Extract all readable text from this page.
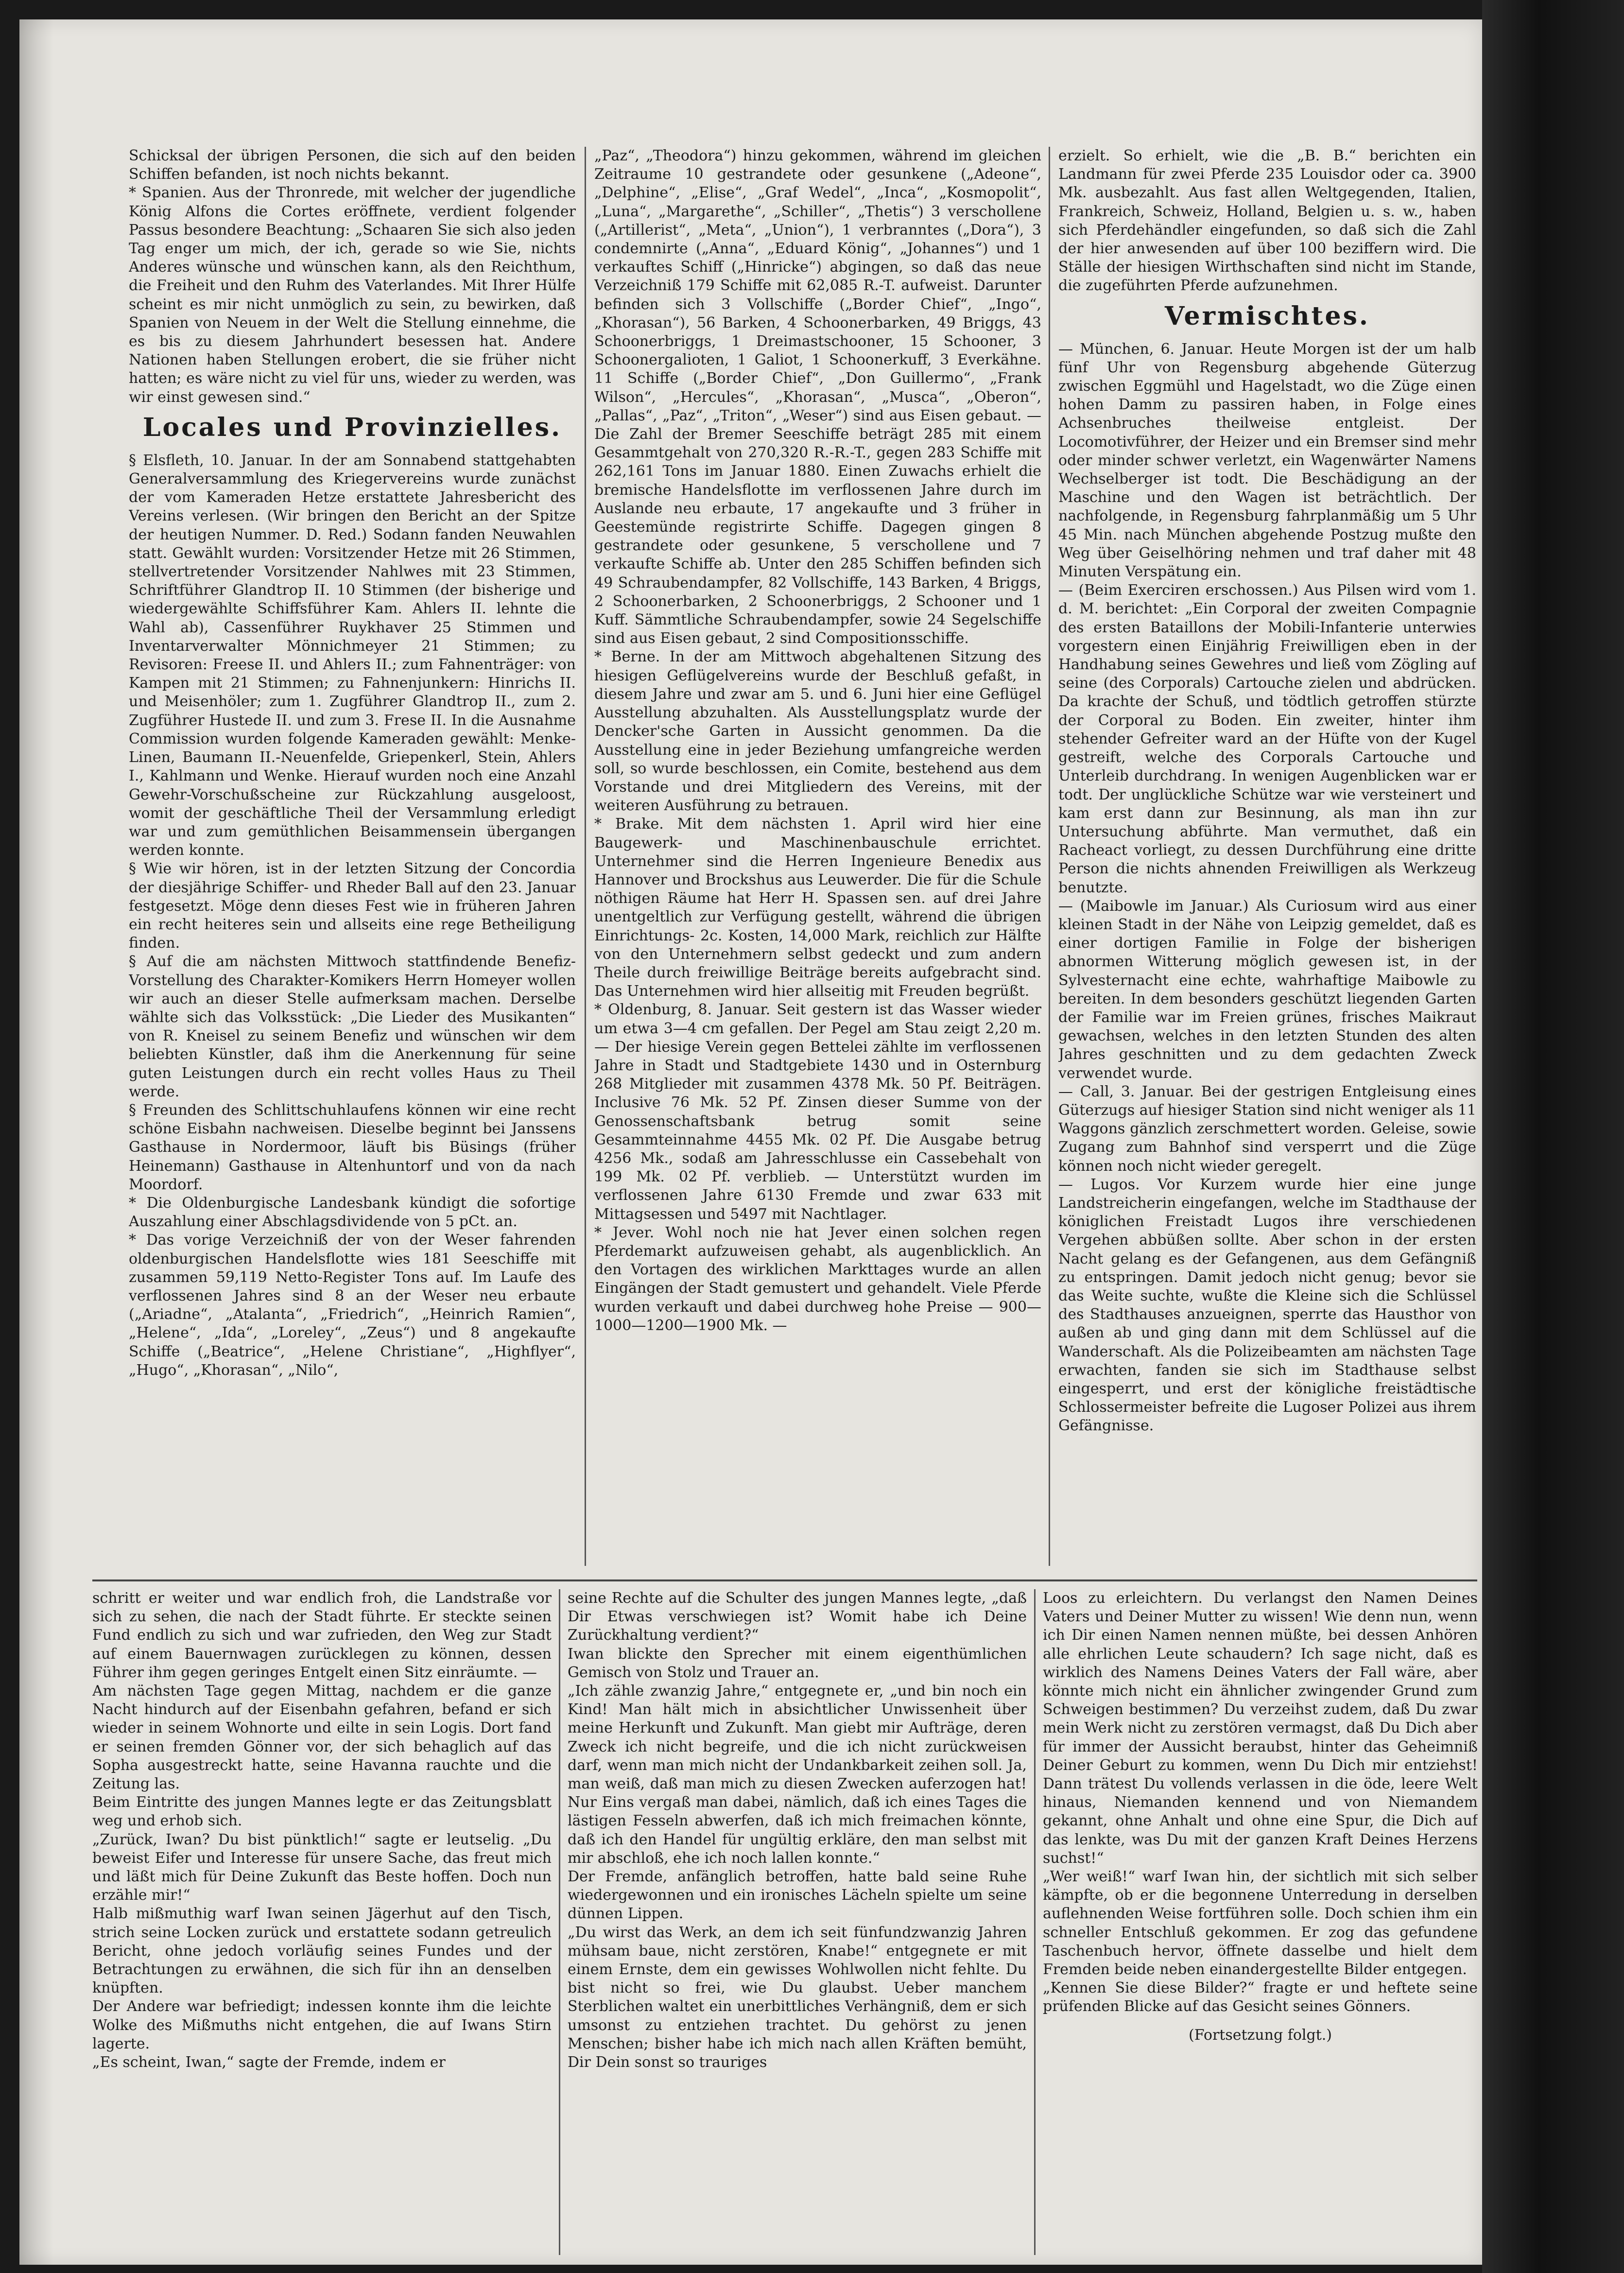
Schicksal der übrigen Personen, die sich auf den beiden Schiffen befanden, ist noch nichts bekannt.

* Spanien. Aus der Thronrede, mit welcher der jugendliche König Alfons die Cortes eröffnete, verdient folgender Passus besondere Beachtung: „Schaaren Sie sich also jeden Tag enger um mich, der ich, gerade so wie Sie, nichts Anderes wünsche und wünschen kann, als den Reichthum, die Freiheit und den Ruhm des Vaterlandes. Mit Ihrer Hülfe scheint es mir nicht unmöglich zu sein, zu bewirken, daß Spanien von Neuem in der Welt die Stellung einnehme, die es bis zu diesem Jahrhundert besessen hat. Andere Nationen haben Stellungen erobert, die sie früher nicht hatten; es wäre nicht zu viel für uns, wieder zu werden, was wir einst gewesen sind.“

Locales und Provinzielles.

§ Elsfleth, 10. Januar. In der am Sonnabend stattgehabten Generalversammlung des Kriegervereins wurde zunächst der vom Kameraden Hetze erstattete Jahresbericht des Vereins verlesen. (Wir bringen den Bericht an der Spitze der heutigen Nummer. D. Red.) Sodann fanden Neuwahlen statt. Gewählt wurden: Vorsitzender Hetze mit 26 Stimmen, stellvertretender Vorsitzender Nahlwes mit 23 Stimmen, Schriftführer Glandtrop II. 10 Stimmen (der bisherige und wiedergewählte Schiffsführer Kam. Ahlers II. lehnte die Wahl ab), Cassenführer Ruykhaver 25 Stimmen und Inventarverwalter Mönnichmeyer 21 Stimmen; zu Revisoren: Freese II. und Ahlers II.; zum Fahnenträger: von Kampen mit 21 Stimmen; zu Fahnenjunkern: Hinrichs II. und Meisenhöler; zum 1. Zugführer Glandtrop II., zum 2. Zugführer Hustede II. und zum 3. Frese II. In die Ausnahme Commission wurden folgende Kameraden gewählt: Menke-Linen, Baumann II.-Neuenfelde, Griepenkerl, Stein, Ahlers I., Kahlmann und Wenke. Hierauf wurden noch eine Anzahl Gewehr-Vorschußscheine zur Rückzahlung ausgeloost, womit der geschäftliche Theil der Versammlung erledigt war und zum gemüthlichen Beisammensein übergangen werden konnte.

§ Wie wir hören, ist in der letzten Sitzung der Concordia der diesjährige Schiffer- und Rheder Ball auf den 23. Januar festgesetzt. Möge denn dieses Fest wie in früheren Jahren ein recht heiteres sein und allseits eine rege Betheiligung finden.

§ Auf die am nächsten Mittwoch stattfindende Benefiz-Vorstellung des Charakter-Komikers Herrn Homeyer wollen wir auch an dieser Stelle aufmerksam machen. Derselbe wählte sich das Volksstück: „Die Lieder des Musikanten“ von R. Kneisel zu seinem Benefiz und wünschen wir dem beliebten Künstler, daß ihm die Anerkennung für seine guten Leistungen durch ein recht volles Haus zu Theil werde.

§ Freunden des Schlittschuhlaufens können wir eine recht schöne Eisbahn nachweisen. Dieselbe beginnt bei Janssens Gasthause in Nordermoor, läuft bis Büsings (früher Heinemann) Gasthause in Altenhuntorf und von da nach Moordorf.

* Die Oldenburgische Landesbank kündigt die sofortige Auszahlung einer Abschlagsdividende von 5 pCt. an.

* Das vorige Verzeichniß der von der Weser fahrenden oldenburgischen Handelsflotte wies 181 Seeschiffe mit zusammen 59,119 Netto-Register Tons auf. Im Laufe des verflossenen Jahres sind 8 an der Weser neu erbaute („Ariadne“, „Atalanta“, „Friedrich“, „Heinrich Ramien“, „Helene“, „Ida“, „Loreley“, „Zeus“) und 8 angekaufte Schiffe („Beatrice“, „Helene Christiane“, „Highflyer“, „Hugo“, „Khorasan“, „Nilo“,

„Paz“, „Theodora“) hinzu gekommen, während im gleichen Zeitraume 10 gestrandete oder gesunkene („Adeone“, „Delphine“, „Elise“, „Graf Wedel“, „Inca“, „Kosmopolit“, „Luna“, „Margarethe“, „Schiller“, „Thetis“) 3 verschollene („Artillerist“, „Meta“, „Union“), 1 verbranntes („Dora“), 3 condemnirte („Anna“, „Eduard König“, „Johannes“) und 1 verkauftes Schiff („Hinricke“) abgingen, so daß das neue Verzeichniß 179 Schiffe mit 62,085 R.-T. aufweist. Darunter befinden sich 3 Vollschiffe („Border Chief“, „Ingo“, „Khorasan“), 56 Barken, 4 Schoonerbarken, 49 Briggs, 43 Schoonerbriggs, 1 Dreimastschooner, 15 Schooner, 3 Schoonergalioten, 1 Galiot, 1 Schoonerkuff, 3 Everkähne. 11 Schiffe („Border Chief“, „Don Guillermo“, „Frank Wilson“, „Hercules“, „Khorasan“, „Musca“, „Oberon“, „Pallas“, „Paz“, „Triton“, „Weser“) sind aus Eisen gebaut. — Die Zahl der Bremer Seeschiffe beträgt 285 mit einem Gesammtgehalt von 270,320 R.-R.-T., gegen 283 Schiffe mit 262,161 Tons im Januar 1880. Einen Zuwachs erhielt die bremische Handelsflotte im verflossenen Jahre durch im Auslande neu erbaute, 17 angekaufte und 3 früher in Geestemünde registrirte Schiffe. Dagegen gingen 8 gestrandete oder gesunkene, 5 verschollene und 7 verkaufte Schiffe ab. Unter den 285 Schiffen befinden sich 49 Schraubendampfer, 82 Vollschiffe, 143 Barken, 4 Briggs, 2 Schoonerbarken, 2 Schoonerbriggs, 2 Schooner und 1 Kuff. Sämmtliche Schraubendampfer, sowie 24 Segelschiffe sind aus Eisen gebaut, 2 sind Compositionsschiffe.

* Berne. In der am Mittwoch abgehaltenen Sitzung des hiesigen Geflügelvereins wurde der Beschluß gefaßt, in diesem Jahre und zwar am 5. und 6. Juni hier eine Geflügel Ausstellung abzuhalten. Als Ausstellungsplatz wurde der Dencker'sche Garten in Aussicht genommen. Da die Ausstellung eine in jeder Beziehung umfangreiche werden soll, so wurde beschlossen, ein Comite, bestehend aus dem Vorstande und drei Mitgliedern des Vereins, mit der weiteren Ausführung zu betrauen.

* Brake. Mit dem nächsten 1. April wird hier eine Baugewerk- und Maschinenbauschule errichtet. Unternehmer sind die Herren Ingenieure Benedix aus Hannover und Brockshus aus Leuwerder. Die für die Schule nöthigen Räume hat Herr H. Spassen sen. auf drei Jahre unentgeltlich zur Verfügung gestellt, während die übrigen Einrichtungs- 2c. Kosten, 14,000 Mark, reichlich zur Hälfte von den Unternehmern selbst gedeckt und zum andern Theile durch freiwillige Beiträge bereits aufgebracht sind. Das Unternehmen wird hier allseitig mit Freuden begrüßt.

* Oldenburg, 8. Januar. Seit gestern ist das Wasser wieder um etwa 3—4 cm gefallen. Der Pegel am Stau zeigt 2,20 m. — Der hiesige Verein gegen Bettelei zählte im verflossenen Jahre in Stadt und Stadtgebiete 1430 und in Osternburg 268 Mitglieder mit zusammen 4378 Mk. 50 Pf. Beiträgen. Inclusive 76 Mk. 52 Pf. Zinsen dieser Summe von der Genossenschaftsbank betrug somit seine Gesammteinnahme 4455 Mk. 02 Pf. Die Ausgabe betrug 4256 Mk., sodaß am Jahresschlusse ein Cassebehalt von 199 Mk. 02 Pf. verblieb. — Unterstützt wurden im verflossenen Jahre 6130 Fremde und zwar 633 mit Mittagsessen und 5497 mit Nachtlager.

* Jever. Wohl noch nie hat Jever einen solchen regen Pferdemarkt aufzuweisen gehabt, als augenblicklich. An den Vortagen des wirklichen Markttages wurde an allen Eingängen der Stadt gemustert und gehandelt. Viele Pferde wurden verkauft und dabei durchweg hohe Preise — 900—1000—1200—1900 Mk. —

erzielt. So erhielt, wie die „B. B.“ berichten ein Landmann für zwei Pferde 235 Louisdor oder ca. 3900 Mk. ausbezahlt. Aus fast allen Weltgegenden, Italien, Frankreich, Schweiz, Holland, Belgien u. s. w., haben sich Pferdehändler eingefunden, so daß sich die Zahl der hier anwesenden auf über 100 beziffern wird. Die Ställe der hiesigen Wirthschaften sind nicht im Stande, die zugeführten Pferde aufzunehmen.

Vermischtes.

— München, 6. Januar. Heute Morgen ist der um halb fünf Uhr von Regensburg abgehende Güterzug zwischen Eggmühl und Hagelstadt, wo die Züge einen hohen Damm zu passiren haben, in Folge eines Achsenbruches theilweise entgleist. Der Locomotivführer, der Heizer und ein Bremser sind mehr oder minder schwer verletzt, ein Wagenwärter Namens Wechselberger ist todt. Die Beschädigung an der Maschine und den Wagen ist beträchtlich. Der nachfolgende, in Regensburg fahrplanmäßig um 5 Uhr 45 Min. nach München abgehende Postzug mußte den Weg über Geiselhöring nehmen und traf daher mit 48 Minuten Verspätung ein.

— (Beim Exerciren erschossen.) Aus Pilsen wird vom 1. d. M. berichtet: „Ein Corporal der zweiten Compagnie des ersten Bataillons der Mobili-Infanterie unterwies vorgestern einen Einjährig Freiwilligen eben in der Handhabung seines Gewehres und ließ vom Zögling auf seine (des Corporals) Cartouche zielen und abdrücken. Da krachte der Schuß, und tödtlich getroffen stürzte der Corporal zu Boden. Ein zweiter, hinter ihm stehender Gefreiter ward an der Hüfte von der Kugel gestreift, welche des Corporals Cartouche und Unterleib durchdrang. In wenigen Augenblicken war er todt. Der unglückliche Schütze war wie versteinert und kam erst dann zur Besinnung, als man ihn zur Untersuchung abführte. Man vermuthet, daß ein Racheact vorliegt, zu dessen Durchführung eine dritte Person die nichts ahnenden Freiwilligen als Werkzeug benutzte.

— (Maibowle im Januar.) Als Curiosum wird aus einer kleinen Stadt in der Nähe von Leipzig gemeldet, daß es einer dortigen Familie in Folge der bisherigen abnormen Witterung möglich gewesen ist, in der Sylvesternacht eine echte, wahrhaftige Maibowle zu bereiten. In dem besonders geschützt liegenden Garten der Familie war im Freien grünes, frisches Maikraut gewachsen, welches in den letzten Stunden des alten Jahres geschnitten und zu dem gedachten Zweck verwendet wurde.

— Call, 3. Januar. Bei der gestrigen Entgleisung eines Güterzugs auf hiesiger Station sind nicht weniger als 11 Waggons gänzlich zerschmettert worden. Geleise, sowie Zugang zum Bahnhof sind versperrt und die Züge können noch nicht wieder geregelt.

— Lugos. Vor Kurzem wurde hier eine junge Landstreicherin eingefangen, welche im Stadthause der königlichen Freistadt Lugos ihre verschiedenen Vergehen abbüßen sollte. Aber schon in der ersten Nacht gelang es der Gefangenen, aus dem Gefängniß zu entspringen. Damit jedoch nicht genug; bevor sie das Weite suchte, wußte die Kleine sich die Schlüssel des Stadthauses anzueignen, sperrte das Hausthor von außen ab und ging dann mit dem Schlüssel auf die Wanderschaft. Als die Polizeibeamten am nächsten Tage erwachten, fanden sie sich im Stadthause selbst eingesperrt, und erst der königliche freistädtische Schlossermeister befreite die Lugoser Polizei aus ihrem Gefängnisse.

schritt er weiter und war endlich froh, die Landstraße vor sich zu sehen, die nach der Stadt führte. Er steckte seinen Fund endlich zu sich und war zufrieden, den Weg zur Stadt auf einem Bauernwagen zurücklegen zu können, dessen Führer ihm gegen geringes Entgelt einen Sitz einräumte. —

Am nächsten Tage gegen Mittag, nachdem er die ganze Nacht hindurch auf der Eisenbahn gefahren, befand er sich wieder in seinem Wohnorte und eilte in sein Logis. Dort fand er seinen fremden Gönner vor, der sich behaglich auf das Sopha ausgestreckt hatte, seine Havanna rauchte und die Zeitung las.

Beim Eintritte des jungen Mannes legte er das Zeitungsblatt weg und erhob sich.

„Zurück, Iwan? Du bist pünktlich!“ sagte er leutselig. „Du beweist Eifer und Interesse für unsere Sache, das freut mich und läßt mich für Deine Zukunft das Beste hoffen. Doch nun erzähle mir!“

Halb mißmuthig warf Iwan seinen Jägerhut auf den Tisch, strich seine Locken zurück und erstattete sodann getreulich Bericht, ohne jedoch vorläufig seines Fundes und der Betrachtungen zu erwähnen, die sich für ihn an denselben knüpften.

Der Andere war befriedigt; indessen konnte ihm die leichte Wolke des Mißmuths nicht entgehen, die auf Iwans Stirn lagerte.

„Es scheint, Iwan,“ sagte der Fremde, indem er

seine Rechte auf die Schulter des jungen Mannes legte, „daß Dir Etwas verschwiegen ist? Womit habe ich Deine Zurückhaltung verdient?“

Iwan blickte den Sprecher mit einem eigenthümlichen Gemisch von Stolz und Trauer an.

„Ich zähle zwanzig Jahre,“ entgegnete er, „und bin noch ein Kind! Man hält mich in absichtlicher Unwissenheit über meine Herkunft und Zukunft. Man giebt mir Aufträge, deren Zweck ich nicht begreife, und die ich nicht zurückweisen darf, wenn man mich nicht der Undankbarkeit zeihen soll. Ja, man weiß, daß man mich zu diesen Zwecken auferzogen hat! Nur Eins vergaß man dabei, nämlich, daß ich eines Tages die lästigen Fesseln abwerfen, daß ich mich freimachen könnte, daß ich den Handel für ungültig erkläre, den man selbst mit mir abschloß, ehe ich noch lallen konnte.“

Der Fremde, anfänglich betroffen, hatte bald seine Ruhe wiedergewonnen und ein ironisches Lächeln spielte um seine dünnen Lippen.

„Du wirst das Werk, an dem ich seit fünfundzwanzig Jahren mühsam baue, nicht zerstören, Knabe!“ entgegnete er mit einem Ernste, dem ein gewisses Wohlwollen nicht fehlte. Du bist nicht so frei, wie Du glaubst. Ueber manchem Sterblichen waltet ein unerbittliches Verhängniß, dem er sich umsonst zu entziehen trachtet. Du gehörst zu jenen Menschen; bisher habe ich mich nach allen Kräften bemüht, Dir Dein sonst so trauriges

Loos zu erleichtern. Du verlangst den Namen Deines Vaters und Deiner Mutter zu wissen! Wie denn nun, wenn ich Dir einen Namen nennen müßte, bei dessen Anhören alle ehrlichen Leute schaudern? Ich sage nicht, daß es wirklich des Namens Deines Vaters der Fall wäre, aber könnte mich nicht ein ähnlicher zwingender Grund zum Schweigen bestimmen? Du verzeihst zudem, daß Du zwar mein Werk nicht zu zerstören vermagst, daß Du Dich aber für immer der Aussicht beraubst, hinter das Geheimniß Deiner Geburt zu kommen, wenn Du Dich mir entziehst! Dann trätest Du vollends verlassen in die öde, leere Welt hinaus, Niemanden kennend und von Niemandem gekannt, ohne Anhalt und ohne eine Spur, die Dich auf das lenkte, was Du mit der ganzen Kraft Deines Herzens suchst!“

„Wer weiß!“ warf Iwan hin, der sichtlich mit sich selber kämpfte, ob er die begonnene Unterredung in derselben auflehnenden Weise fortführen solle. Doch schien ihm ein schneller Entschluß gekommen. Er zog das gefundene Taschenbuch hervor, öffnete dasselbe und hielt dem Fremden beide neben einandergestellte Bilder entgegen.

„Kennen Sie diese Bilder?“ fragte er und heftete seine prüfenden Blicke auf das Gesicht seines Gönners.

(Fortsetzung folgt.)
